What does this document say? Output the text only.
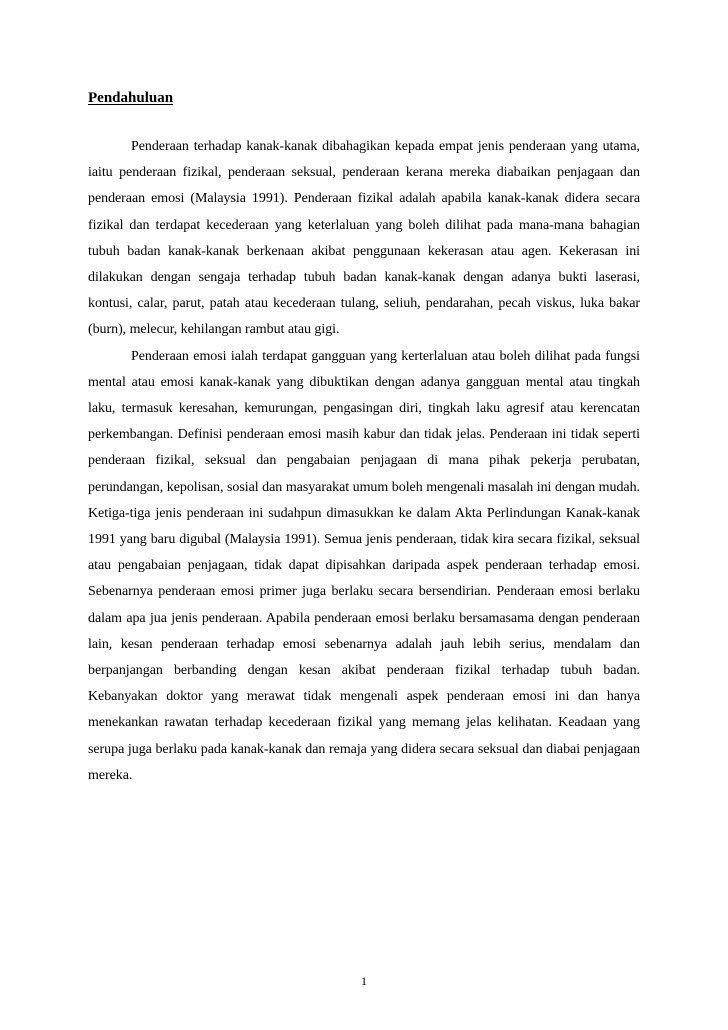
Pendahuluan

Penderaan terhadap kanak-kanak dibahagikan kepada empat jenis penderaan yang utama, iaitu penderaan fizikal, penderaan seksual, penderaan kerana mereka diabaikan penjagaan dan penderaan emosi (Malaysia 1991). Penderaan fizikal adalah apabila kanak-kanak didera secara fizikal dan terdapat kecederaan yang keterlaluan yang boleh dilihat pada mana-mana bahagian tubuh badan kanak-kanak berkenaan akibat penggunaan kekerasan atau agen. Kekerasan ini dilakukan dengan sengaja terhadap tubuh badan kanak-kanak dengan adanya bukti laserasi, kontusi, calar, parut, patah atau kecederaan tulang, seliuh, pendarahan, pecah viskus, luka bakar (burn), melecur, kehilangan rambut atau gigi.

Penderaan emosi ialah terdapat gangguan yang kerterlaluan atau boleh dilihat pada fungsi mental atau emosi kanak-kanak yang dibuktikan dengan adanya gangguan mental atau tingkah laku, termasuk keresahan, kemurungan, pengasingan diri, tingkah laku agresif atau kerencatan perkembangan. Definisi penderaan emosi masih kabur dan tidak jelas. Penderaan ini tidak seperti penderaan fizikal, seksual dan pengabaian penjagaan di mana pihak pekerja perubatan, perundangan, kepolisan, sosial dan masyarakat umum boleh mengenali masalah ini dengan mudah. Ketiga-tiga jenis penderaan ini sudahpun dimasukkan ke dalam Akta Perlindungan Kanak-kanak 1991 yang baru digubal (Malaysia 1991). Semua jenis penderaan, tidak kira secara fizikal, seksual atau pengabaian penjagaan, tidak dapat dipisahkan daripada aspek penderaan terhadap emosi. Sebenarnya penderaan emosi primer juga berlaku secara bersendirian. Penderaan emosi berlaku dalam apa jua jenis penderaan. Apabila penderaan emosi berlaku bersamasama dengan penderaan lain, kesan penderaan terhadap emosi sebenarnya adalah jauh lebih serius, mendalam dan berpanjangan berbanding dengan kesan akibat penderaan fizikal terhadap tubuh badan. Kebanyakan doktor yang merawat tidak mengenali aspek penderaan emosi ini dan hanya menekankan rawatan terhadap kecederaan fizikal yang memang jelas kelihatan. Keadaan yang serupa juga berlaku pada kanak-kanak dan remaja yang didera secara seksual dan diabai penjagaan mereka.

1
